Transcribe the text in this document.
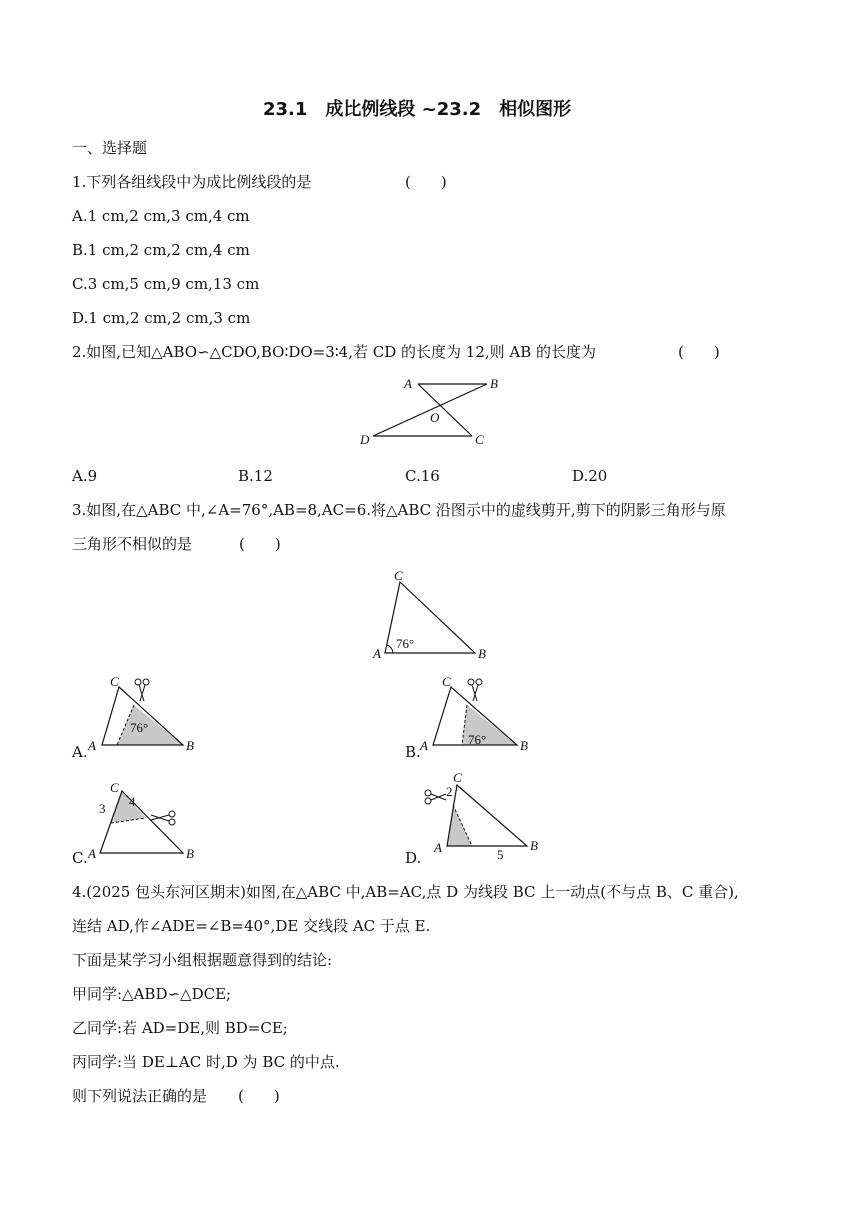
23.1　成比例线段 ~23.2　相似图形
一、选择题
1.下列各组线段中为成比例线段的是	(　　)
A.1 cm,2 cm,3 cm,4 cm
B.1 cm,2 cm,2 cm,4 cm
C.3 cm,5 cm,9 cm,13 cm
D.1 cm,2 cm,2 cm,3 cm
2.如图,已知△ABO∽△CDO,BO∶DO=3∶4,若 CD 的长度为 12,则 AB 的长度为	(　　)
A	B
O
D	C
A.9	B.12	C.16	D.20
3.如图,在△ABC 中,∠A=76°,AB=8,AC=6.将△ABC 沿图示中的虚线剪开,剪下的阴影三角形与原
三角形不相似的是	(　　)
76°
C
A	B
76°
C
A	B	76°
C
A	B
3 4
C
A	B
2
5
C
A	B
A.	B.
C.	D.
4.(2025 包头东河区期末)如图,在△ABC 中,AB=AC,点 D 为线段 BC 上一动点(不与点 B、C 重合),
连结 AD,作∠ADE=∠B=40°,DE 交线段 AC 于点 E.
下面是某学习小组根据题意得到的结论:
甲同学:△ABD∽△DCE;
乙同学:若 AD=DE,则 BD=CE;
丙同学:当 DE⊥AC 时,D 为 BC 的中点.
则下列说法正确的是 (　　)
